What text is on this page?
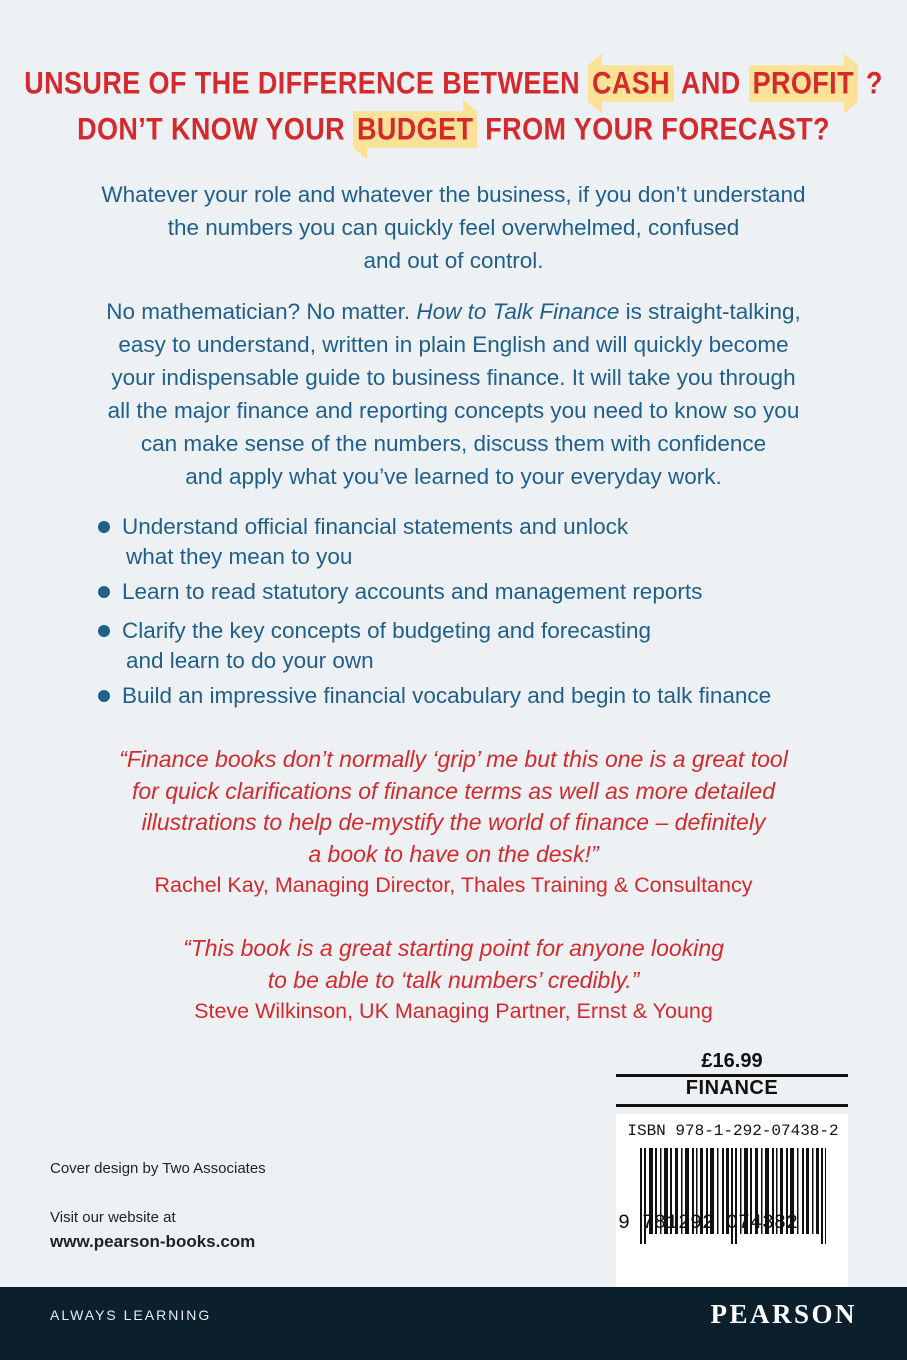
UNSURE OF THE DIFFERENCE BETWEEN CASH AND PROFIT ?
DON’T KNOW YOUR BUDGET FROM YOUR FORECAST?
Whatever your role and whatever the business, if you don’t understand
the numbers you can quickly feel overwhelmed, confused
and out of control.
No mathematician? No matter. How to Talk Finance is straight-talking,
easy to understand, written in plain English and will quickly become
your indispensable guide to business finance. It will take you through
all the major finance and reporting concepts you need to know so you
can make sense of the numbers, discuss them with confidence
and apply what you’ve learned to your everyday work.
Understand official financial statements and unlock
what they mean to you
Learn to read statutory accounts and management reports
Clarify the key concepts of budgeting and forecasting
and learn to do your own
Build an impressive financial vocabulary and begin to talk finance
“Finance books don’t normally ‘grip’ me but this one is a great tool
for quick clarifications of finance terms as well as more detailed
illustrations to help de-mystify the world of finance – definitely
a book to have on the desk!”
Rachel Kay, Managing Director, Thales Training & Consultancy
“This book is a great starting point for anyone looking
to be able to ‘talk numbers’ credibly.”
Steve Wilkinson, UK Managing Partner, Ernst & Young
£16.99
FINANCE
ISBN 978-1-292-07438-2
9 781292 074382
Cover design by Two Associates
Visit our website at
www.pearson-books.com
ALWAYS LEARNING	PEARSON
